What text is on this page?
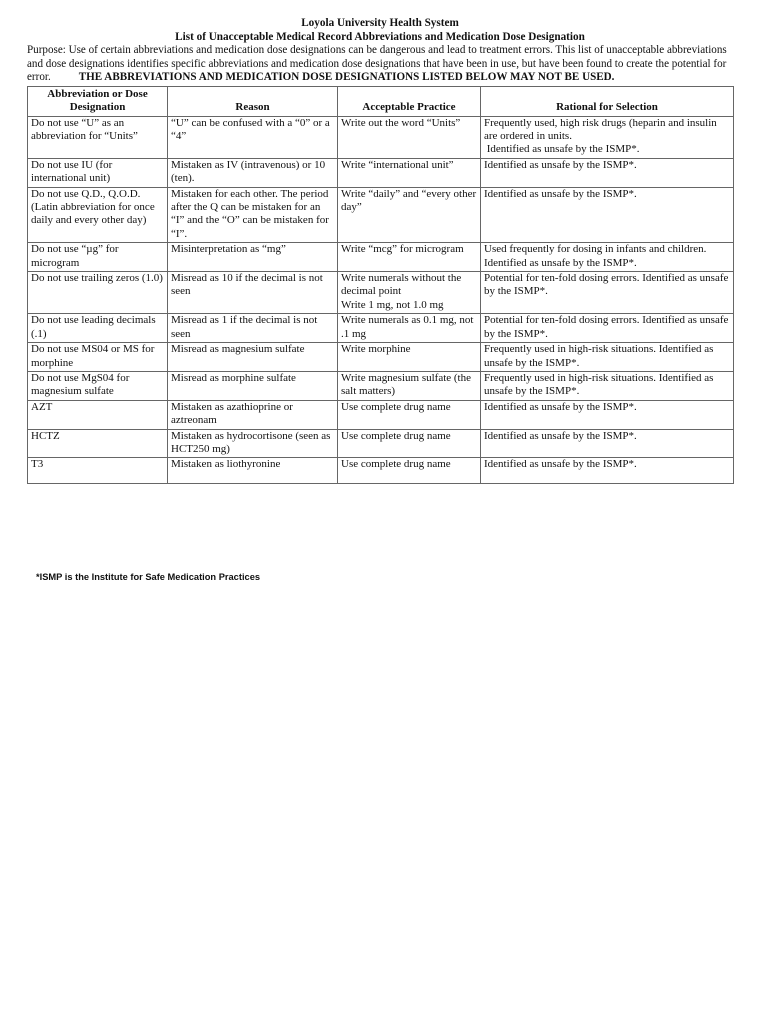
Loyola University Health System
List of Unacceptable Medical Record Abbreviations and Medication Dose Designation
Purpose: Use of certain abbreviations and medication dose designations can be dangerous and lead to treatment errors. This list of unacceptable abbreviations and dose designations identifies specific abbreviations and medication dose designations that have been in use, but have been found to create the potential for error.	THE ABBREVIATIONS AND MEDICATION DOSE DESIGNATIONS LISTED BELOW MAY NOT BE USED.
Abbreviation or Dose Designation	Reason	Acceptable Practice	Rational for Selection
Do not use “U” as an abbreviation for “Units”	“U” can be confused with a “0” or a “4”	Write out the word “Units”	Frequently used, high risk drugs (heparin and insulin are ordered in units.
Identified as unsafe by the ISMP*.

Do not use IU (for international unit)	Mistaken as IV (intravenous) or 10 (ten).	Write “international unit”	Identified as unsafe by the ISMP*.
Do not use Q.D., Q.O.D. (Latin abbreviation for once daily and every other day)	Mistaken for each other. The period after the Q can be mistaken for an “I” and the “O” can be mistaken for “I”.	Write “daily” and “every other day”	Identified as unsafe by the ISMP*.
Do not use “µg” for microgram	Misinterpretation as “mg”	Write “mcg” for microgram	Used frequently for dosing in infants and children. Identified as unsafe by the ISMP*.
Do not use trailing zeros (1.0)	Misread as 10 if the decimal is not seen	Write numerals without the decimal point
Write 1 mg, not 1.0 mg	Potential for ten-fold dosing errors. Identified as unsafe by the ISMP*.
Do not use leading decimals (.1)	Misread as 1 if the decimal is not seen	Write numerals as 0.1 mg, not .1 mg	Potential for ten-fold dosing errors. Identified as unsafe by the ISMP*.
Do not use MS04 or MS for morphine	Misread as magnesium sulfate	Write morphine	Frequently used in high-risk situations. Identified as unsafe by the ISMP*.
Do not use MgS04 for magnesium sulfate	Misread as morphine sulfate	Write magnesium sulfate (the salt matters)	Frequently used in high-risk situations. Identified as unsafe by the ISMP*.
AZT	Mistaken as azathioprine or aztreonam	Use complete drug name	Identified as unsafe by the ISMP*.
HCTZ	Mistaken as hydrocortisone (seen as HCT250 mg)	Use complete drug name	Identified as unsafe by the ISMP*.
T3	Mistaken as liothyronine	Use complete drug name	Identified as unsafe by the ISMP*.
*ISMP is the Institute for Safe Medication Practices
